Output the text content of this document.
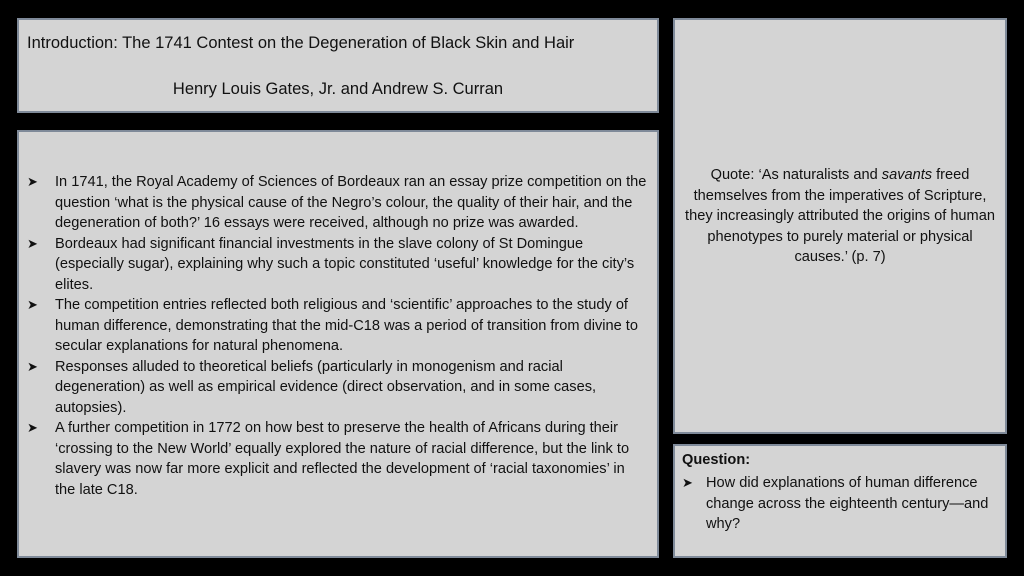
Introduction: The 1741 Contest on the Degeneration of Black Skin and Hair
Henry Louis Gates, Jr. and Andrew S. Curran
➤ In 1741, the Royal Academy of Sciences of Bordeaux ran an essay prize competition on the question ‘what is the physical cause of the Negro’s colour, the quality of their hair, and the degeneration of both?’ 16 essays were received, although no prize was awarded.
➤ Bordeaux had significant financial investments in the slave colony of St Domingue (especially sugar), explaining why such a topic constituted ‘useful’ knowledge for the city’s elites.
➤ The competition entries reflected both religious and ‘scientific’ approaches to the study of human difference, demonstrating that the mid-C18 was a period of transition from divine to secular explanations for natural phenomena.
➤ Responses alluded to theoretical beliefs (particularly in monogenism and racial degeneration) as well as empirical evidence (direct observation, and in some cases, autopsies).
➤ A further competition in 1772 on how best to preserve the health of Africans during their ‘crossing to the New World’ equally explored the nature of racial difference, but the link to slavery was now far more explicit and reflected the development of ‘racial taxonomies’ in the late C18.
Quote: ‘As naturalists and savants freed themselves from the imperatives of Scripture, they increasingly attributed the origins of human phenotypes to purely material or physical causes.’ (p. 7)
Question:
➤ How did explanations of human difference change across the eighteenth century—and why?
